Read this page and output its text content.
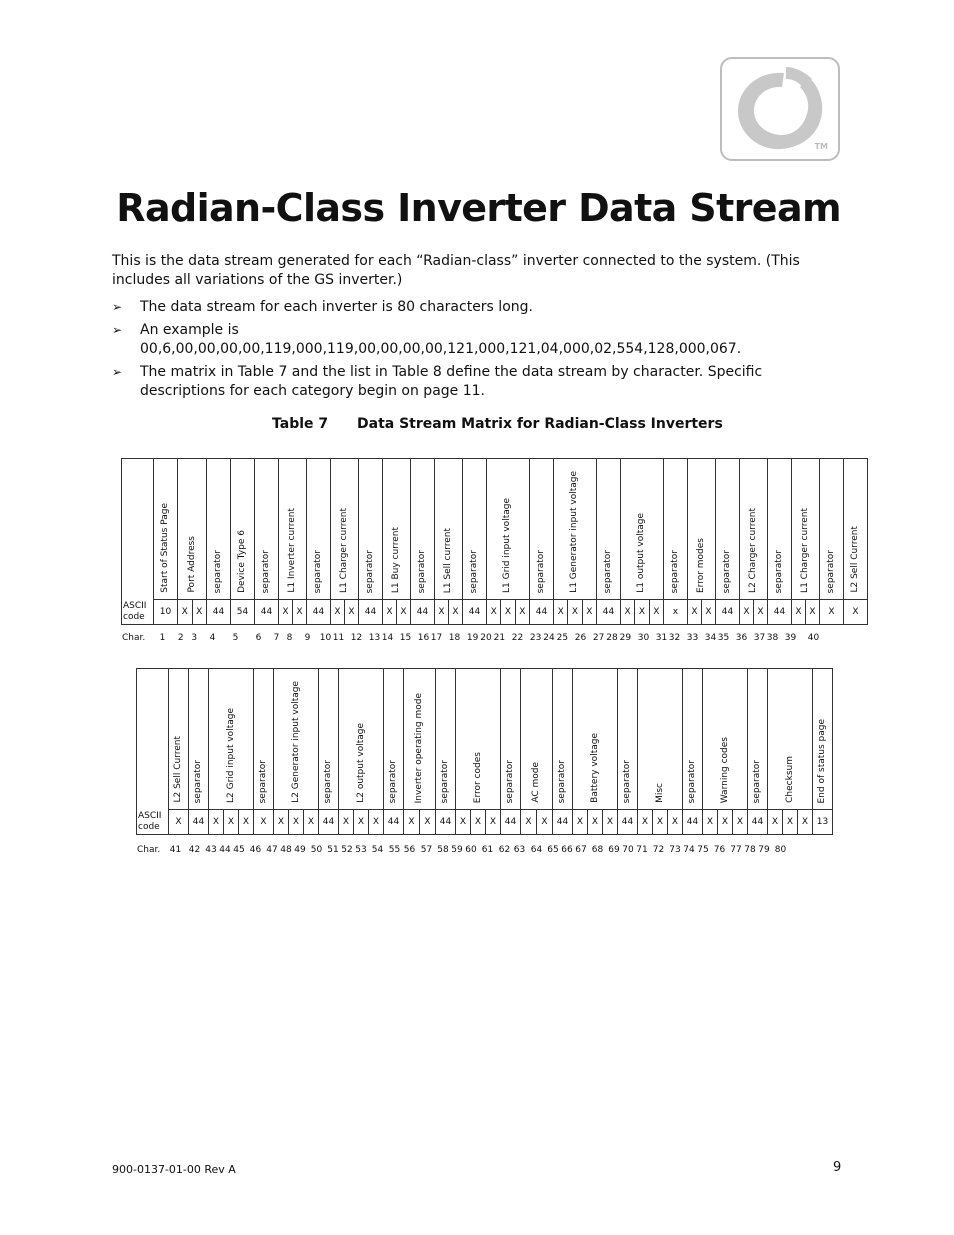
TM
Radian-Class Inverter Data Stream

This is the data stream generated for each “Radian-class” inverter connected to the system. (This includes all variations of the GS inverter.)

➢ The data stream for each inverter is 80 characters long.
➢ An example is 00,6,00,00,00,00,119,000,119,00,00,00,00,121,000,121,04,000,02,554,128,000,067.
➢ The matrix in Table 7 and the list in Table 8 define the data stream by character. Specific descriptions for each category begin on page 11.
Table 7 Data Stream Matrix for Radian-Class Inverters
	Start of Status Page	Port Address		separator	Device Type 6	separator	L1 Inverter current		separator	L1 Charger current		separator	L1 Buy current		separator	L1 Sell current		separator	L1 Grid input voltage			separator	L1 Generator input voltage			separator	L1 output voltage			separator	Error modes		separator	L2 Charger current		separator	L1 Charger current		separator	L2 Sell Current
ASCII
code	10	X	X	44	54	44	X	X	44	X	X	44	X	X	44	X	X	44	X	X	X	44	X	X	X	44	X	X	X	x	X	X	44	X	X	44	X	X	X	X
Char. 1 2 3 4 5 6 7 8 9 10 11 12 13 14 15 16 17 18 19 20 21 22 23 24 25 26 27 28 29 30 31 32 33 34 35 36 37 38 39 40
	L2 Sell Current	separator	L2 Grid input voltage			separator	L2 Generator input voltage			separator	L2 output voltage			separator	Inverter operating mode		separator	Error codes			separator	AC mode		separator	Battery voltage			separator	Misc			separator	Warning codes			separator	Checksum			End of status page
ASCII
code	X	44	X	X	X	X	X	X	X	44	X	X	X	44	X	X	44	X	X	X	44	X	X	44	X	X	X	44	X	X	X	44	X	X	X	44	X	X	X	13
Char. 41 42 43 44 45 46 47 48 49 50 51 52 53 54 55 56 57 58 59 60 61 62 63 64 65 66 67 68 69 70 71 72 73 74 75 76 77 78 79 80
900-0137-01-00 Rev A	9
